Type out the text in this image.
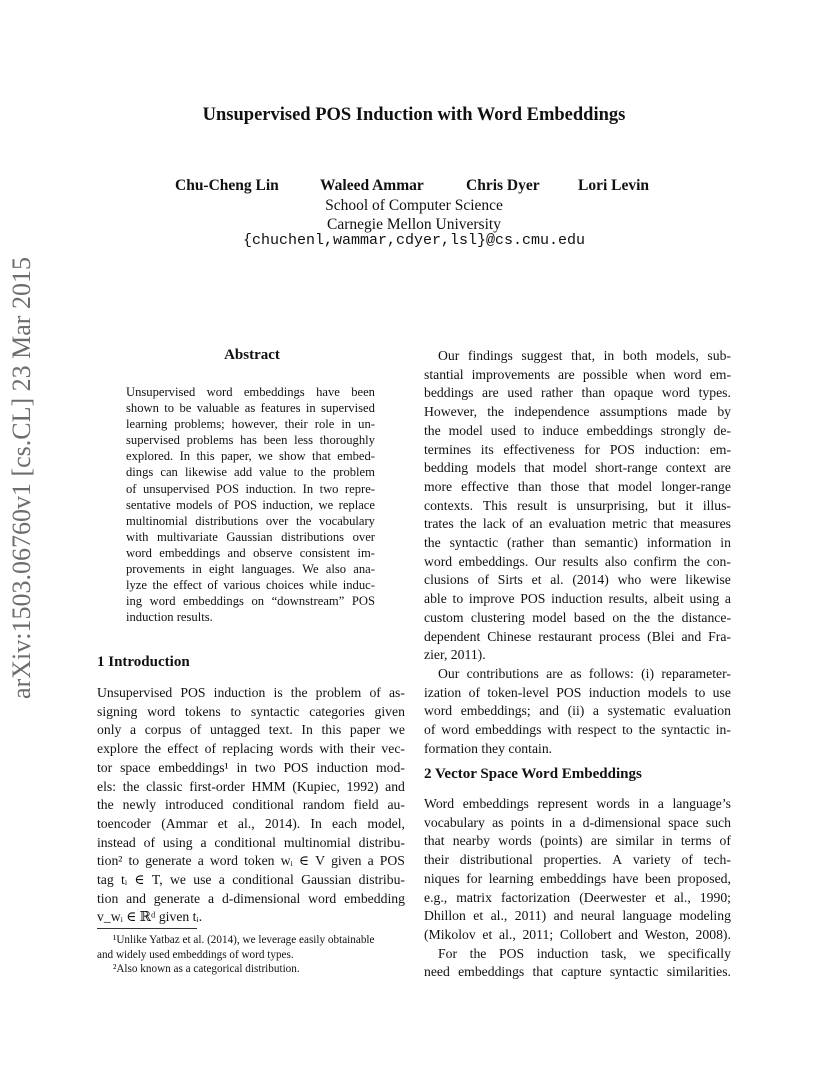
arXiv:1503.06760v1 [cs.CL] 23 Mar 2015
Unsupervised POS Induction with Word Embeddings
Chu-Cheng Lin	Waleed Ammar	Chris Dyer Lori Levin
School of Computer Science
Carnegie Mellon University
{chuchenl,wammar,cdyer,lsl}@cs.cmu.edu
Abstract
Unsupervised word embeddings have been
shown to be valuable as features in supervised
learning problems; however, their role in un-
supervised problems has been less thoroughly
explored. In this paper, we show that embed-
dings can likewise add value to the problem
of unsupervised POS induction. In two repre-
sentative models of POS induction, we replace
multinomial distributions over the vocabulary
with multivariate Gaussian distributions over
word embeddings and observe consistent im-
provements in eight languages. We also ana-
lyze the effect of various choices while induc-
ing word embeddings on “downstream” POS
induction results.
1 Introduction
Unsupervised POS induction is the problem of as-
signing word tokens to syntactic categories given
only a corpus of untagged text. In this paper we
explore the effect of replacing words with their vec-
tor space embeddings¹ in two POS induction mod-
els: the classic first-order HMM (Kupiec, 1992) and
the newly introduced conditional random field au-
toencoder (Ammar et al., 2014). In each model,
instead of using a conditional multinomial distribu-
tion² to generate a word token wᵢ ∈ V given a POS
tag tᵢ ∈ T, we use a conditional Gaussian distribu-
tion and generate a d-dimensional word embedding
v_wᵢ ∈ ℝᵈ given tᵢ.
¹Unlike Yatbaz et al. (2014), we leverage easily obtainable
and widely used embeddings of word types.
²Also known as a categorical distribution.
Our findings suggest that, in both models, sub-
stantial improvements are possible when word em-
beddings are used rather than opaque word types.
However, the independence assumptions made by
the model used to induce embeddings strongly de-
termines its effectiveness for POS induction: em-
bedding models that model short-range context are
more effective than those that model longer-range
contexts. This result is unsurprising, but it illus-
trates the lack of an evaluation metric that measures
the syntactic (rather than semantic) information in
word embeddings. Our results also confirm the con-
clusions of Sirts et al. (2014) who were likewise
able to improve POS induction results, albeit using a
custom clustering model based on the the distance-
dependent Chinese restaurant process (Blei and Fra-
zier, 2011).
Our contributions are as follows: (i) reparameter-
ization of token-level POS induction models to use
word embeddings; and (ii) a systematic evaluation
of word embeddings with respect to the syntactic in-
formation they contain.
2 Vector Space Word Embeddings
Word embeddings represent words in a language’s
vocabulary as points in a d-dimensional space such
that nearby words (points) are similar in terms of
their distributional properties. A variety of tech-
niques for learning embeddings have been proposed,
e.g., matrix factorization (Deerwester et al., 1990;
Dhillon et al., 2011) and neural language modeling
(Mikolov et al., 2011; Collobert and Weston, 2008).
For the POS induction task, we specifically
need embeddings that capture syntactic similarities.
